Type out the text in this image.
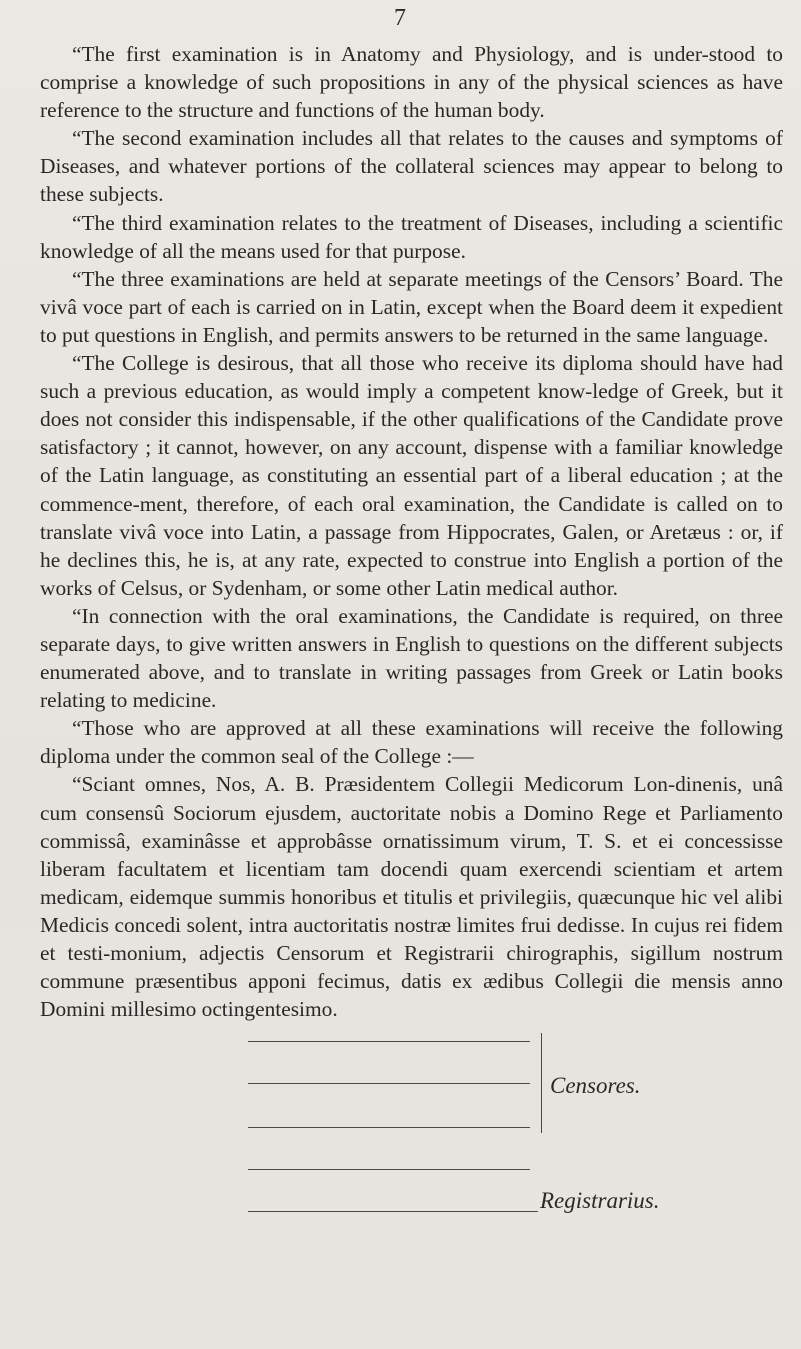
7

“The first examination is in Anatomy and Physiology, and is under-stood to comprise a knowledge of such propositions in any of the physical sciences as have reference to the structure and functions of the human body.

“The second examination includes all that relates to the causes and symptoms of Diseases, and whatever portions of the collateral sciences may appear to belong to these subjects.

“The third examination relates to the treatment of Diseases, including a scientific knowledge of all the means used for that purpose.

“The three examinations are held at separate meetings of the Censors’ Board. The vivâ voce part of each is carried on in Latin, except when the Board deem it expedient to put questions in English, and permits answers to be returned in the same language.

“The College is desirous, that all those who receive its diploma should have had such a previous education, as would imply a competent know-ledge of Greek, but it does not consider this indispensable, if the other qualifications of the Candidate prove satisfactory ; it cannot, however, on any account, dispense with a familiar knowledge of the Latin language, as constituting an essential part of a liberal education ; at the commence-ment, therefore, of each oral examination, the Candidate is called on to translate vivâ voce into Latin, a passage from Hippocrates, Galen, or Aretæus : or, if he declines this, he is, at any rate, expected to construe into English a portion of the works of Celsus, or Sydenham, or some other Latin medical author.

“In connection with the oral examinations, the Candidate is required, on three separate days, to give written answers in English to questions on the different subjects enumerated above, and to translate in writing passages from Greek or Latin books relating to medicine.

“Those who are approved at all these examinations will receive the following diploma under the common seal of the College :—

“Sciant omnes, Nos, A. B. Præsidentem Collegii Medicorum Lon-dinenis, unâ cum consensû Sociorum ejusdem, auctoritate nobis a Domino Rege et Parliamento commissâ, examinâsse et approbâsse ornatissimum virum, T. S. et ei concessisse liberam facultatem et licentiam tam docendi quam exercendi scientiam et artem medicam, eidemque summis honoribus et titulis et privilegiis, quæcunque hic vel alibi Medicis concedi solent, intra auctoritatis nostræ limites frui dedisse. In cujus rei fidem et testi-monium, adjectis Censorum et Registrarii chirographis, sigillum nostrum commune præsentibus apponi fecimus, datis ex ædibus Collegii die mensis anno Domini millesimo octingentesimo.

Censores.
Registrarius.
